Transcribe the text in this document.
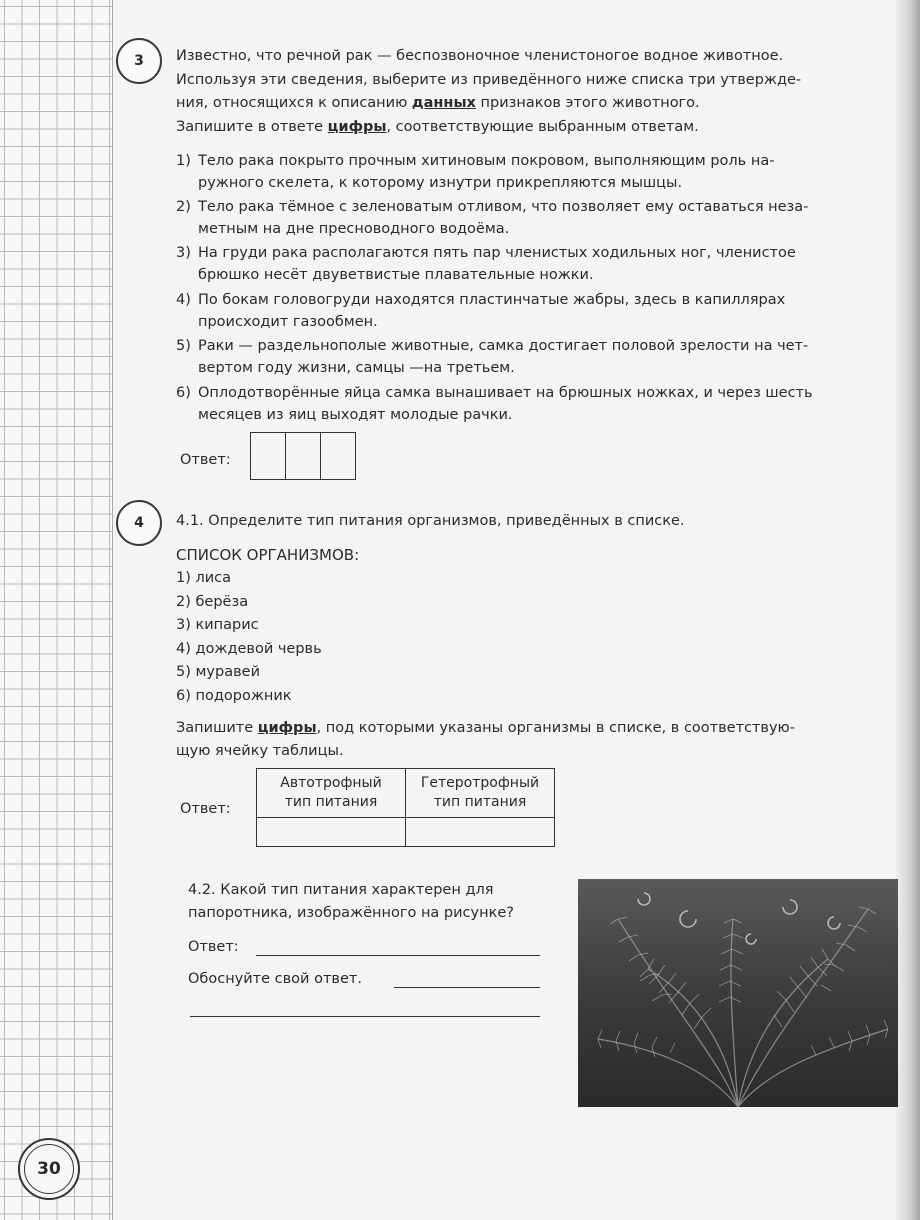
3 Известно, что речной рак — беспозвоночное членистоногое водное животное.
Используя эти сведения, выберите из приведённого ниже списка три утвержде-
ния, относящихся к описанию данных признаков этого животного.
Запишите в ответе цифры, соответствующие выбранным ответам.
1) Тело рака покрыто прочным хитиновым покровом, выполняющим роль на-
ружного скелета, к которому изнутри прикрепляются мышцы.
2) Тело рака тёмное с зеленоватым отливом, что позволяет ему оставаться неза-
метным на дне пресноводного водоёма.
3) На груди рака располагаются пять пар членистых ходильных ног, членистое
брюшко несёт двуветвистые плавательные ножки.
4) По бокам головогруди находятся пластинчатые жабры, здесь в капиллярах
происходит газообмен.
5) Раки — раздельнополые животные, самка достигает половой зрелости на чет-
вертом году жизни, самцы —на третьем.
6) Оплодотворённые яйца самка вынашивает на брюшных ножках, и через шесть
месяцев из яиц выходят молодые рачки.
Ответ:
4 4.1. Определите тип питания организмов, приведённых в списке.
СПИСОК ОРГАНИЗМОВ:
1) лиса
2) берёза
3) кипарис
4) дождевой червь
5) муравей
6) подорожник
Запишите цифры, под которыми указаны организмы в списке, в соответствую-
щую ячейку таблицы.
Ответ:
Автотрофный
тип питания	Гетеротрофный
тип питания

4.2. Какой тип питания характерен для
папоротника, изображённого на рисунке?
Ответ:
Обоснуйте свой ответ.
30
